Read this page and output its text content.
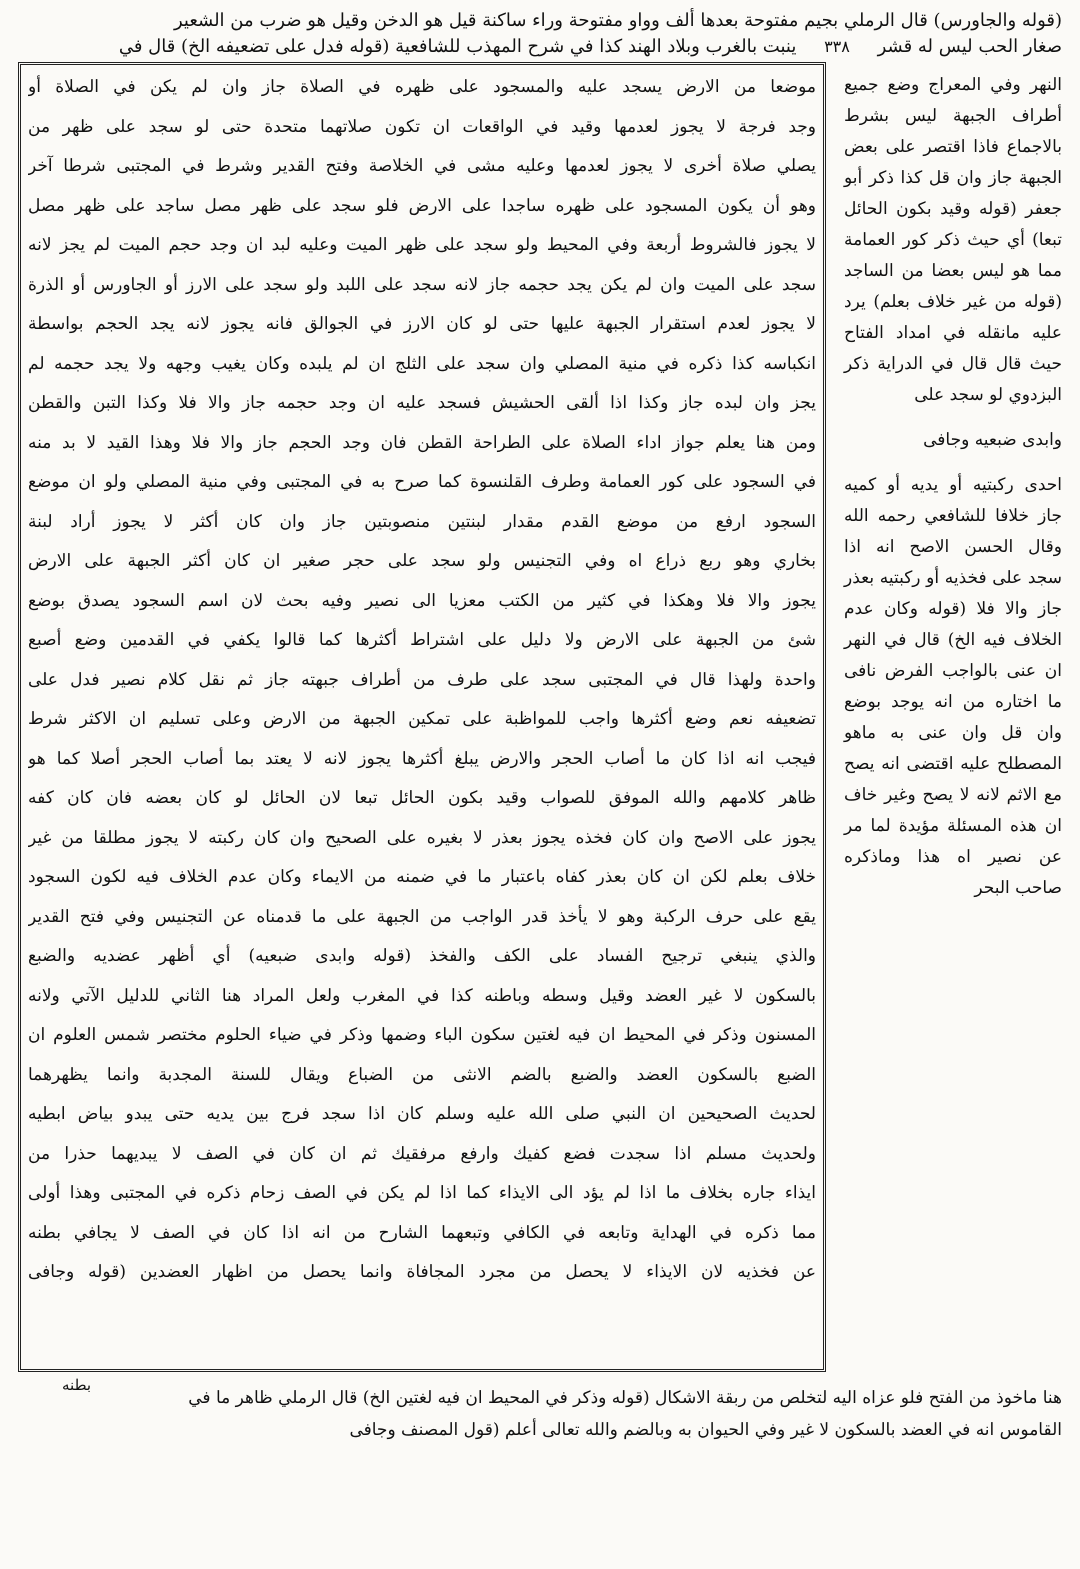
(قوله والجاورس) قال الرملي بجيم مفتوحة بعدها ألف وواو مفتوحة وراء ساكنة قيل هو الدخن وقيل هو ضرب من الشعير
صغار الحب ليس له قشر ٣٣٨ ينبت بالغرب وبلاد الهند كذا في شرح المهذب للشافعية (قوله فدل على تضعيفه الخ) قال في
النهر وفي المعراج وضع جميع أطراف الجبهة ليس بشرط بالاجماع فاذا اقتصر على بعض الجبهة جاز وان قل كذا ذكر أبو جعفر (قوله وقيد بكون الحائل تبعا) أي حيث ذكر كور العمامة مما هو ليس بعضا من الساجد (قوله من غير خلاف بعلم) يرد عليه مانقله في امداد الفتاح حيث قال قال في الدراية ذكر البزدوي لو سجد على
وابدى ضبعيه وجافى
احدى ركبتيه أو يديه أو كميه جاز خلافا للشافعي رحمه الله وقال الحسن الاصح انه اذا سجد على فخذيه أو ركبتيه بعذر جاز والا فلا (قوله وكان عدم الخلاف فيه الخ) قال في النهر ان عنى بالواجب الفرض نافى ما اختاره من انه يوجد بوضع وان قل وان عنى به ماهو المصطلح عليه اقتضى انه يصح مع الاثم لانه لا يصح وغير خاف ان هذه المسئلة مؤيدة لما مر عن نصير اه هذا وماذكره صاحب البحر
موضعا من الارض يسجد عليه والمسجود على ظهره في الصلاة جاز وان لم يكن في الصلاة أو
وجد فرجة لا يجوز لعدمها وقيد في الواقعات ان تكون صلاتهما متحدة حتى لو سجد على ظهر من
يصلي صلاة أخرى لا يجوز لعدمها وعليه مشى في الخلاصة وفتح القدير وشرط في المجتبى شرطا آخر
وهو أن يكون المسجود على ظهره ساجدا على الارض فلو سجد على ظهر مصل ساجد على ظهر مصل
لا يجوز فالشروط أربعة وفي المحيط ولو سجد على ظهر الميت وعليه لبد ان وجد حجم الميت لم يجز لانه
سجد على الميت وان لم يكن يجد حجمه جاز لانه سجد على اللبد ولو سجد على الارز أو الجاورس أو الذرة
لا يجوز لعدم استقرار الجبهة عليها حتى لو كان الارز في الجوالق فانه يجوز لانه يجد الحجم بواسطة
انكباسه كذا ذكره في منية المصلي وان سجد على الثلج ان لم يلبده وكان يغيب وجهه ولا يجد حجمه لم
يجز وان لبده جاز وكذا اذا ألقى الحشيش فسجد عليه ان وجد حجمه جاز والا فلا وكذا التبن والقطن
ومن هنا يعلم جواز اداء الصلاة على الطراحة القطن فان وجد الحجم جاز والا فلا وهذا القيد لا بد منه
في السجود على كور العمامة وطرف القلنسوة كما صرح به في المجتبى وفي منية المصلي ولو ان موضع
السجود ارفع من موضع القدم مقدار لبنتين منصوبتين جاز وان كان أكثر لا يجوز أراد لبنة
بخاري وهو ربع ذراع اه وفي التجنيس ولو سجد على حجر صغير ان كان أكثر الجبهة على الارض
يجوز والا فلا وهكذا في كثير من الكتب معزيا الى نصير وفيه بحث لان اسم السجود يصدق بوضع
شئ من الجبهة على الارض ولا دليل على اشتراط أكثرها كما قالوا يكفي في القدمين وضع أصبع
واحدة ولهذا قال في المجتبى سجد على طرف من أطراف جبهته جاز ثم نقل كلام نصير فدل على
تضعيفه نعم وضع أكثرها واجب للمواظبة على تمكين الجبهة من الارض وعلى تسليم ان الاكثر شرط
فيجب انه اذا كان ما أصاب الحجر والارض يبلغ أكثرها يجوز لانه لا يعتد بما أصاب الحجر أصلا كما هو
ظاهر كلامهم والله الموفق للصواب وقيد بكون الحائل تبعا لان الحائل لو كان بعضه فان كان كفه
يجوز على الاصح وان كان فخذه يجوز بعذر لا بغيره على الصحيح وان كان ركبته لا يجوز مطلقا من غير
خلاف بعلم لكن ان كان بعذر كفاه باعتبار ما في ضمنه من الايماء وكان عدم الخلاف فيه لكون السجود
يقع على حرف الركبة وهو لا يأخذ قدر الواجب من الجبهة على ما قدمناه عن التجنيس وفي فتح القدير
والذي ينبغي ترجيح الفساد على الكف والفخذ (قوله وابدى ضبعيه) أي أظهر عضديه والضبع
بالسكون لا غير العضد وقيل وسطه وباطنه كذا في المغرب ولعل المراد هنا الثاني للدليل الآتي ولانه
المسنون وذكر في المحيط ان فيه لغتين سكون الباء وضمها وذكر في ضياء الحلوم مختصر شمس العلوم ان
الضبع بالسكون العضد والضبع بالضم الانثى من الضباع ويقال للسنة المجدبة وانما يظهرهما
لحديث الصحيحين ان النبي صلى الله عليه وسلم كان اذا سجد فرج بين يديه حتى يبدو بياض ابطيه
ولحديث مسلم اذا سجدت فضع كفيك وارفع مرفقيك ثم ان كان في الصف لا يبديهما حذرا من
ايذاء جاره بخلاف ما اذا لم يؤد الى الايذاء كما اذا لم يكن في الصف زحام ذكره في المجتبى وهذا أولى
مما ذكره في الهداية وتابعه في الكافي وتبعهما الشارح من انه اذا كان في الصف لا يجافي بطنه
عن فخذيه لان الايذاء لا يحصل من مجرد المجافاة وانما يحصل من اظهار العضدين (قوله وجافى
هنا ماخوذ من الفتح فلو عزاه اليه لتخلص من ربقة الاشكال (قوله وذكر في المحيط ان فيه لغتين الخ) قال الرملي ظاهر ما في
القاموس انه في العضد بالسكون لا غير وفي الحيوان به وبالضم والله تعالى أعلم (قول المصنف وجافى
بطنه
